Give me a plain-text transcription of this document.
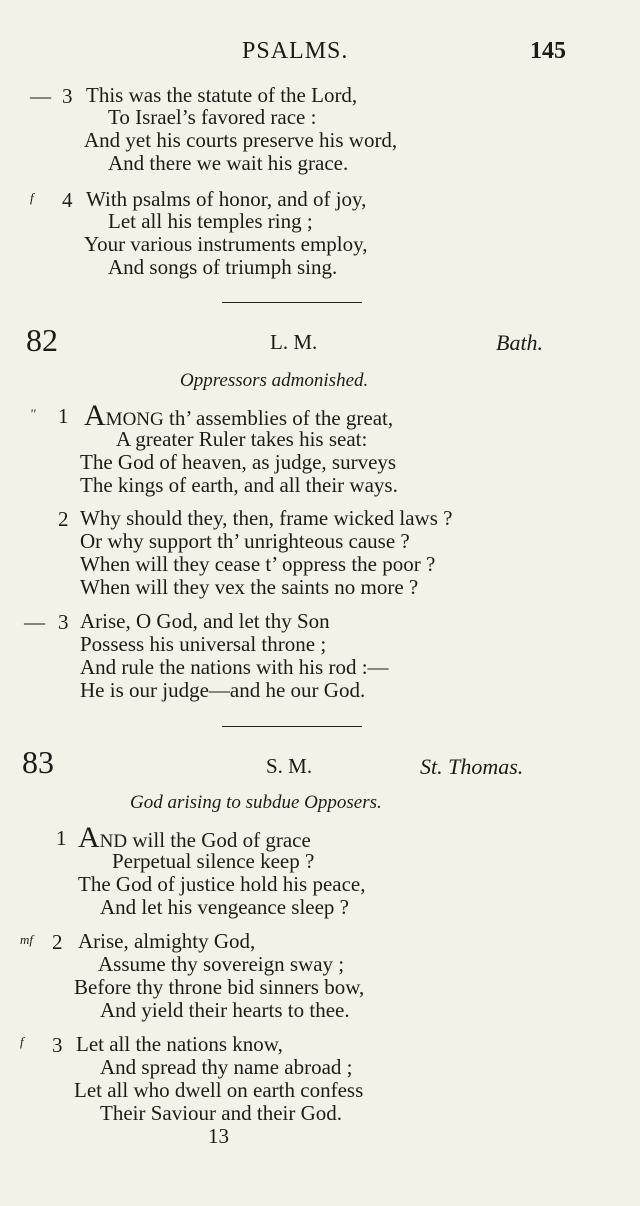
PSALMS.	145
— 3 This was the statute of the Lord,
To Israel’s favored race :
And yet his courts preserve his word,
And there we wait his grace.
f 4 With psalms of honor, and of joy,
Let all his temples ring ;
Your various instruments employ,
And songs of triumph sing.
82	L. M.	Bath.
Oppressors admonished.
'' 1 AMONG th’ assemblies of the great,
A greater Ruler takes his seat:
The God of heaven, as judge, surveys
The kings of earth, and all their ways.
2 Why should they, then, frame wicked laws ?
Or why support th’ unrighteous cause ?
When will they cease t’ oppress the poor ?
When will they vex the saints no more ?
— 3 Arise, O God, and let thy Son
Possess his universal throne ;
And rule the nations with his rod :—
He is our judge—and he our God.
83	S. M.	St. Thomas.
God arising to subdue Opposers.
1 AND will the God of grace
Perpetual silence keep ?
The God of justice hold his peace,
And let his vengeance sleep ?
mf 2 Arise, almighty God,
Assume thy sovereign sway ;
Before thy throne bid sinners bow,
And yield their hearts to thee.
f 3 Let all the nations know,
And spread thy name abroad ;
Let all who dwell on earth confess
Their Saviour and their God.
13
